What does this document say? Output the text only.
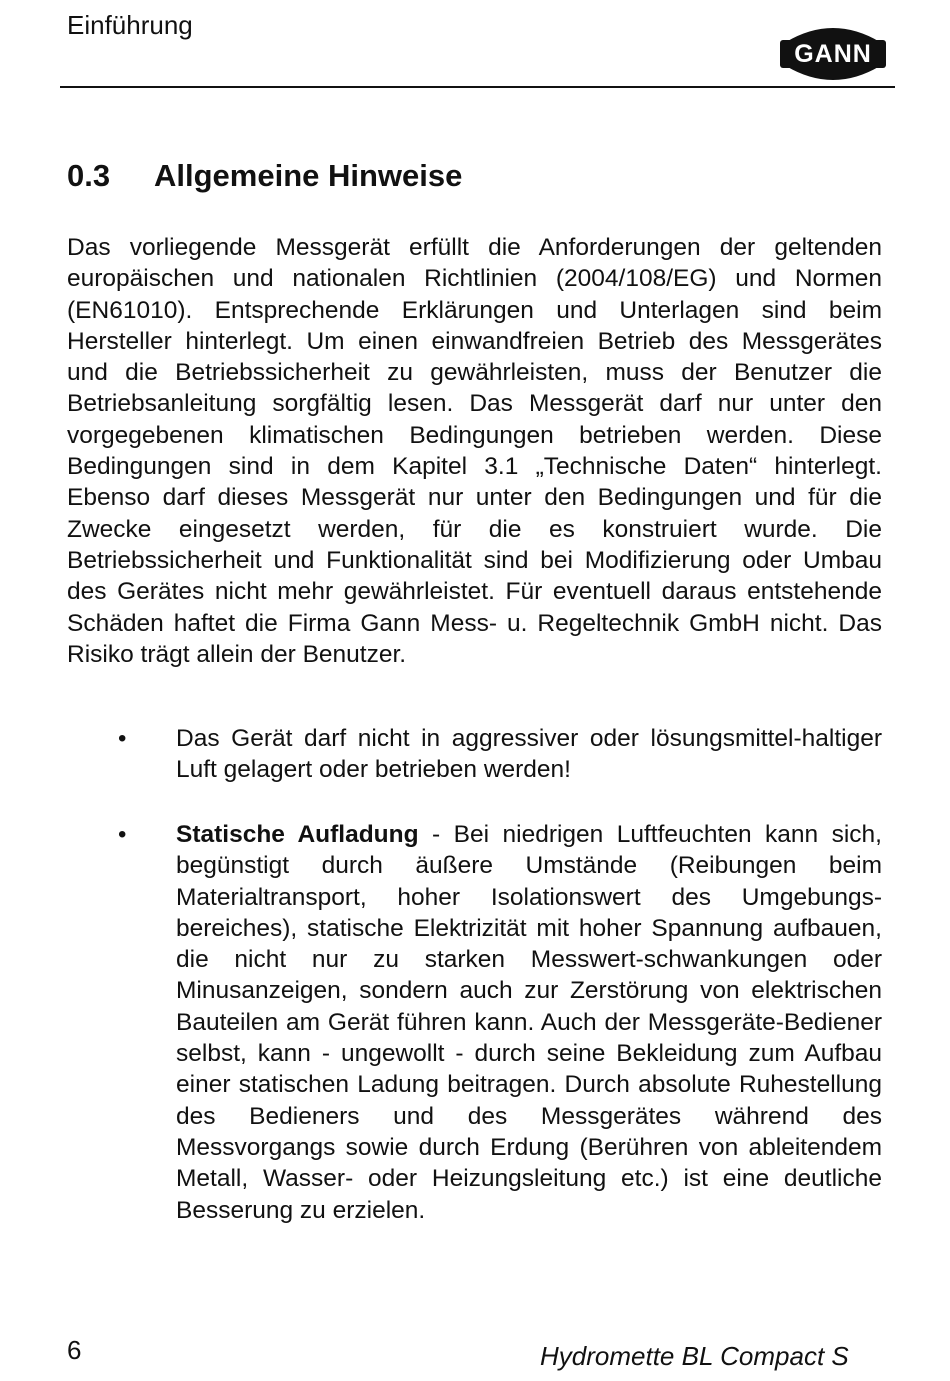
Einführung
GANN
0.3	Allgemeine Hinweise

Das vorliegende Messgerät erfüllt die Anforderungen der geltenden europäischen und nationalen Richtlinien (2004/108/EG) und Normen (EN61010). Entsprechende Erklärungen und Unterlagen sind beim Hersteller hinterlegt. Um einen einwandfreien Betrieb des Messgerätes und die Betriebssicherheit zu gewährleisten, muss der Benutzer die Betriebsanleitung sorgfältig lesen. Das Messgerät darf nur unter den vorgegebenen klimatischen Bedingungen betrieben werden. Diese Bedingungen sind in dem Kapitel 3.1 „Technische Daten“ hinterlegt. Ebenso darf dieses Messgerät nur unter den Bedingungen und für die Zwecke eingesetzt werden, für die es konstruiert wurde. Die Betriebssicherheit und Funktionalität sind bei Modifizierung oder Umbau des Gerätes nicht mehr gewährleistet. Für eventuell daraus entstehende Schäden haftet die Firma Gann Mess- u. Regeltechnik GmbH nicht. Das Risiko trägt allein der Benutzer.

• Das Gerät darf nicht in aggressiver oder lösungsmittel-haltiger Luft gelagert oder betrieben werden!
• Statische Aufladung - Bei niedrigen Luftfeuchten kann sich, begünstigt durch äußere Umstände (Reibungen beim Materialtransport, hoher Isolationswert des Umgebungs-bereiches), statische Elektrizität mit hoher Spannung aufbauen, die nicht nur zu starken Messwert-schwankungen oder Minusanzeigen, sondern auch zur Zerstörung von elektrischen Bauteilen am Gerät führen kann. Auch der Messgeräte-Bediener selbst, kann - ungewollt - durch seine Bekleidung zum Aufbau einer statischen Ladung beitragen. Durch absolute Ruhestellung des Bedieners und des Messgerätes während des Messvorgangs sowie durch Erdung (Berühren von ableitendem Metall, Wasser- oder Heizungsleitung etc.) ist eine deutliche Besserung zu erzielen.
6	Hydromette BL Compact S
